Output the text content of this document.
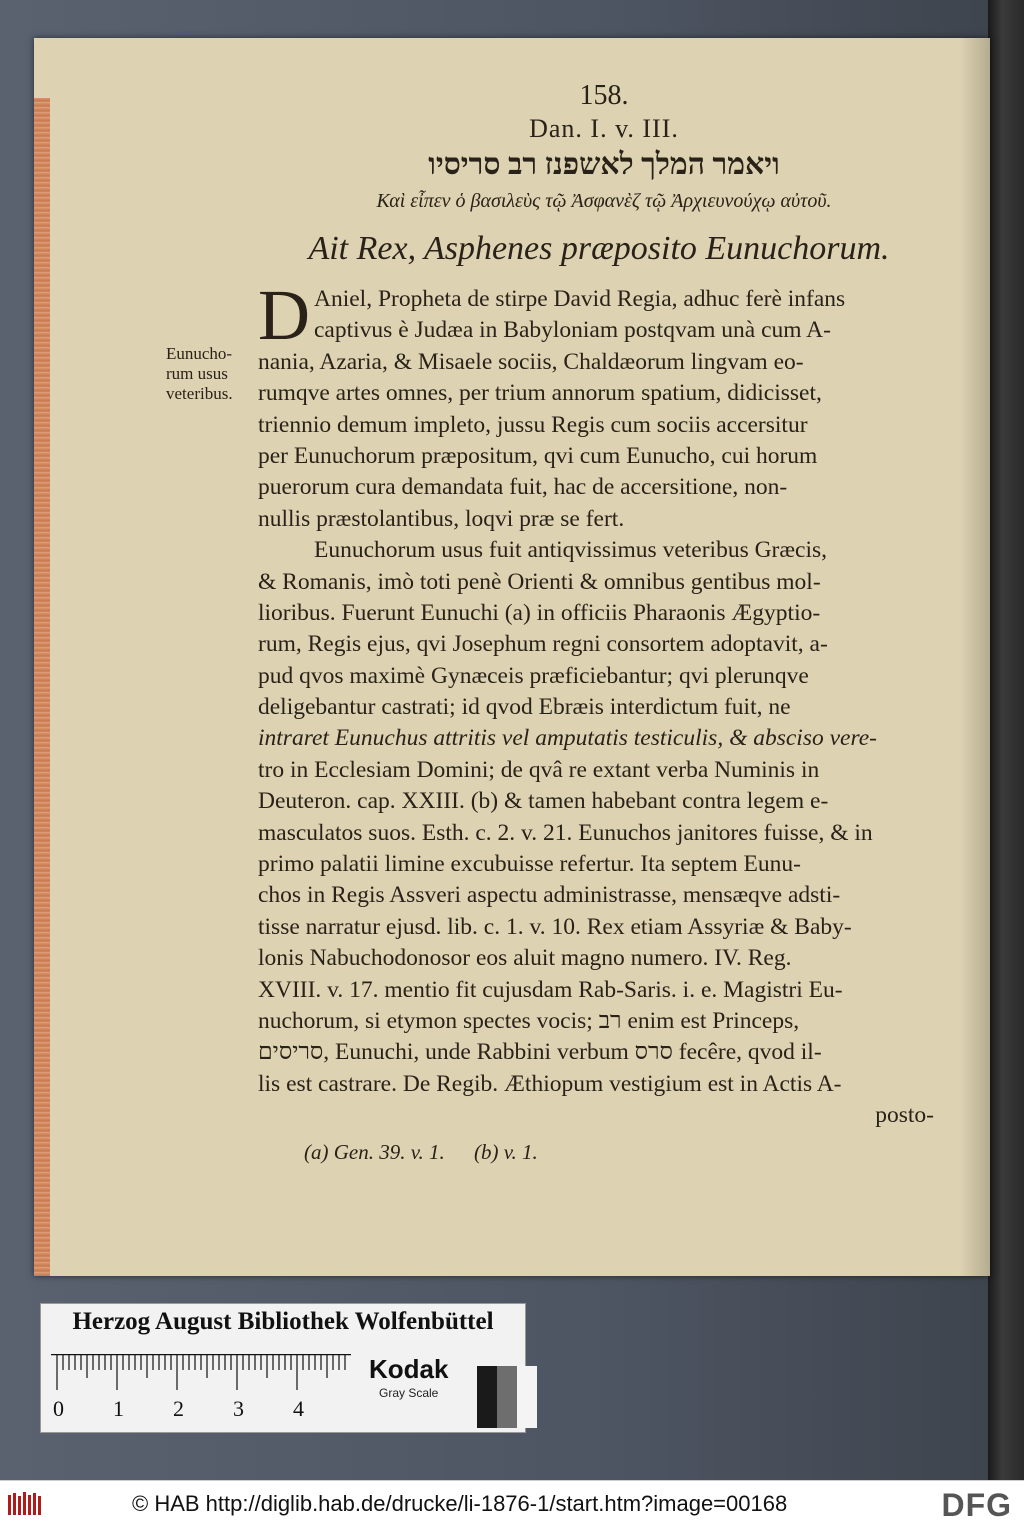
Eunucho-
rum usus
veteribus.
158.
Dan. I. v. III.
ויאמר המלך לאשפנז רב סריסיו
Καὶ εἶπεν ὁ βασιλεὺς τῷ Ἀσφανὲζ τῷ Ἀρχιευνούχῳ αὐτοῦ.
Ait Rex, Asphenes præposito Eunuchorum.
D Aniel, Propheta de stirpe David Regia, adhuc ferè infans
captivus è Judæa in Babyloniam postqvam unà cum A-
nania, Azaria, & Misaele sociis, Chaldæorum lingvam eo-
rumqve artes omnes, per trium annorum spatium, didicisset,
triennio demum impleto, jussu Regis cum sociis accersitur
per Eunuchorum præpositum, qvi cum Eunucho, cui horum
puerorum cura demandata fuit, hac de accersitione, non-
nullis præstolantibus, loqvi præ se fert.
Eunuchorum usus fuit antiqvissimus veteribus Græcis,
& Romanis, imò toti penè Orienti & omnibus gentibus mol-
lioribus. Fuerunt Eunuchi (a) in officiis Pharaonis Ægyptio-
rum, Regis ejus, qvi Josephum regni consortem adoptavit, a-
pud qvos maximè Gynæceis præficiebantur; qvi plerunqve
deligebantur castrati; id qvod Ebræis interdictum fuit, ne
intraret Eunuchus attritis vel amputatis testiculis, & absciso vere-
tro in Ecclesiam Domini; de qvâ re extant verba Numinis in
Deuteron. cap. XXIII. (b) & tamen habebant contra legem e-
masculatos suos. Esth. c. 2. v. 21. Eunuchos janitores fuisse, & in
primo palatii limine excubuisse refertur. Ita septem Eunu-
chos in Regis Assveri aspectu administrasse, mensæqve adsti-
tisse narratur ejusd. lib. c. 1. v. 10. Rex etiam Assyriæ & Baby-
lonis Nabuchodonosor eos aluit magno numero. IV. Reg.
XVIII. v. 17. mentio fit cujusdam Rab-Saris. i. e. Magistri Eu-
nuchorum, si etymon spectes vocis; רב enim est Princeps,
סריסים, Eunuchi, unde Rabbini verbum סרס fecêre, qvod il-
lis est castrare. De Regib. Æthiopum vestigium est in Actis A-
posto-
(a) Gen. 39. v. 1. (b) v. 1.
Herzog August Bibliothek Wolfenbüttel
0 1 2 3 4
Kodak
Gray Scale
© HAB http://diglib.hab.de/drucke/li-1876-1/start.htm?image=00168	DFG
